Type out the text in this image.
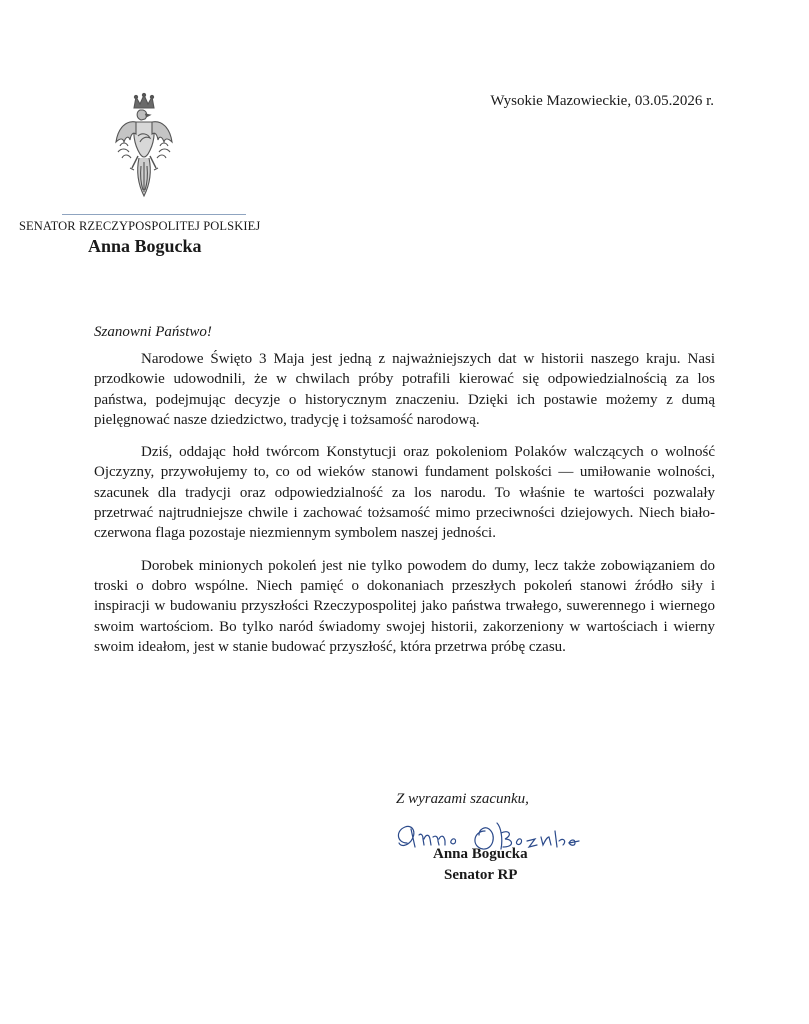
SENATOR RZECZYPOSPOLITEJ POLSKIEJ
Anna Bogucka
Wysokie Mazowieckie, 03.05.2026 r.
Szanowni Państwo!

Narodowe Święto 3 Maja jest jedną z najważniejszych dat w historii naszego kraju. Nasi przodkowie udowodnili, że w chwilach próby potrafili kierować się odpowiedzialnością za los państwa, podejmując decyzje o historycznym znaczeniu. Dzięki ich postawie możemy z dumą pielęgnować nasze dziedzictwo, tradycję i tożsamość narodową.

Dziś, oddając hołd twórcom Konstytucji oraz pokoleniom Polaków walczących o wolność Ojczyzny, przywołujemy to, co od wieków stanowi fundament polskości — umiłowanie wolności, szacunek dla tradycji oraz odpowiedzialność za los narodu. To właśnie te wartości pozwalały przetrwać najtrudniejsze chwile i zachować tożsamość mimo przeciwności dziejowych. Niech biało-czerwona flaga pozostaje niezmiennym symbolem naszej jedności.

Dorobek minionych pokoleń jest nie tylko powodem do dumy, lecz także zobowiązaniem do troski o dobro wspólne. Niech pamięć o dokonaniach przeszłych pokoleń stanowi źródło siły i inspiracji w budowaniu przyszłości Rzeczypospolitej jako państwa trwałego, suwerennego i wiernego swoim wartościom. Bo tylko naród świadomy swojej historii, zakorzeniony w wartościach i wierny swoim ideałom, jest w stanie budować przyszłość, która przetrwa próbę czasu.

Z wyrazami szacunku,
Anna Bogucka
Senator RP
